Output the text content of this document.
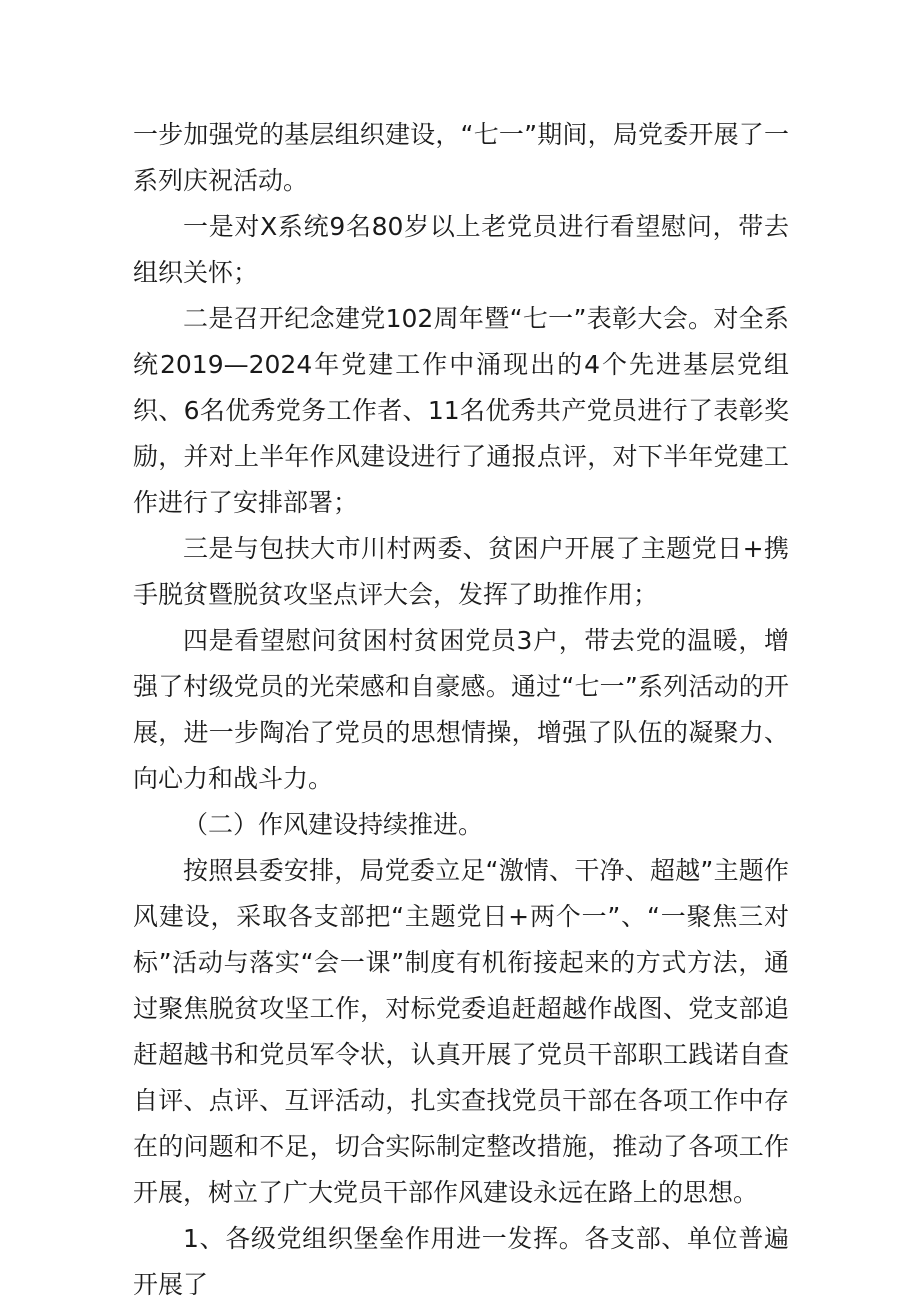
一步加强党的基层组织建设，“七一”期间，局党委开展了一系列庆祝活动。

一是对X系统9名80岁以上老党员进行看望慰问，带去组织关怀；

二是召开纪念建党102周年暨“七一”表彰大会。对全系统2019—2024年党建工作中涌现出的4个先进基层党组织、6名优秀党务工作者、11名优秀共产党员进行了表彰奖励，并对上半年作风建设进行了通报点评，对下半年党建工作进行了安排部署；

三是与包扶大市川村两委、贫困户开展了主题党日+携手脱贫暨脱贫攻坚点评大会，发挥了助推作用；

四是看望慰问贫困村贫困党员3户，带去党的温暖，增强了村级党员的光荣感和自豪感。通过“七一”系列活动的开展，进一步陶冶了党员的思想情操，增强了队伍的凝聚力、向心力和战斗力。

（二）作风建设持续推进。

按照县委安排，局党委立足“激情、干净、超越”主题作风建设，采取各支部把“主题党日+两个一”、“一聚焦三对标”活动与落实“会一课”制度有机衔接起来的方式方法，通过聚焦脱贫攻坚工作，对标党委追赶超越作战图、党支部追赶超越书和党员军令状，认真开展了党员干部职工践诺自查自评、点评、互评活动，扎实查找党员干部在各项工作中存在的问题和不足，切合实际制定整改措施，推动了各项工作开展，树立了广大党员干部作风建设永远在路上的思想。

1、各级党组织堡垒作用进一发挥。各支部、单位普遍开展了
